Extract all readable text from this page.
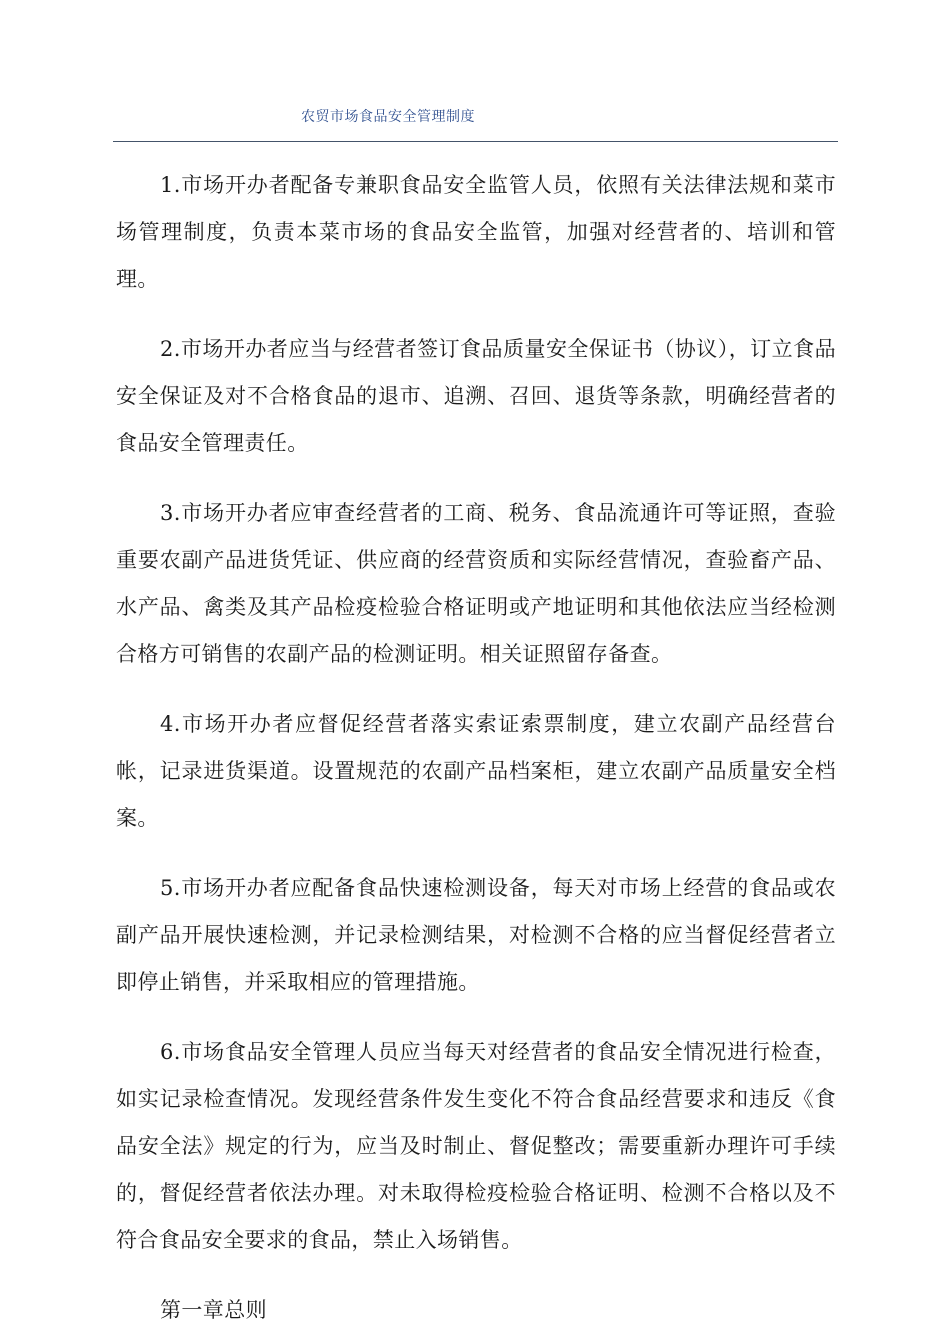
农贸市场食品安全管理制度

1.市场开办者配备专兼职食品安全监管人员，依照有关法律法规和菜市场管理制度，负责本菜市场的食品安全监管，加强对经营者的、培训和管理。

2.市场开办者应当与经营者签订食品质量安全保证书（协议），订立食品安全保证及对不合格食品的退市、追溯、召回、退货等条款，明确经营者的食品安全管理责任。

3.市场开办者应审查经营者的工商、税务、食品流通许可等证照，查验重要农副产品进货凭证、供应商的经营资质和实际经营情况，查验畜产品、水产品、禽类及其产品检疫检验合格证明或产地证明和其他依法应当经检测合格方可销售的农副产品的检测证明。相关证照留存备查。

4.市场开办者应督促经营者落实索证索票制度，建立农副产品经营台帐，记录进货渠道。设置规范的农副产品档案柜，建立农副产品质量安全档案。

5.市场开办者应配备食品快速检测设备，每天对市场上经营的食品或农副产品开展快速检测，并记录检测结果，对检测不合格的应当督促经营者立即停止销售，并采取相应的管理措施。

6.市场食品安全管理人员应当每天对经营者的食品安全情况进行检查，如实记录检查情况。发现经营条件发生变化不符合食品经营要求和违反《食品安全法》规定的行为，应当及时制止、督促整改；需要重新办理许可手续的，督促经营者依法办理。对未取得检疫检验合格证明、检测不合格以及不符合食品安全要求的食品，禁止入场销售。

第一章总则
